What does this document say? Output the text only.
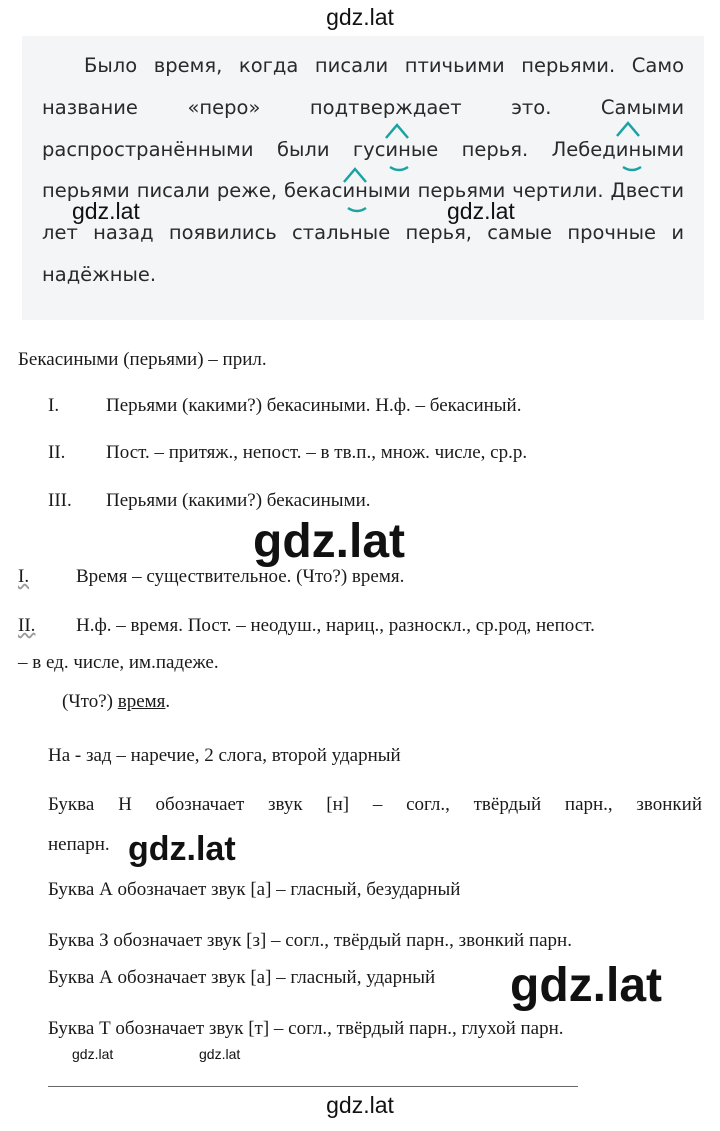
Было время, когда писали птичьими перьями. Само
название «перо» подтверждает это. Самыми
распространёнными были гусиные перья. Лебедиными
перьями писали реже, бекасиными перьями чертили. Двести
лет назад появились стальные перья, самые прочные и
надёжные.
Бекасиными (перьями) – прил.
I. Перьями (какими?) бекасиными. Н.ф. – бекасиный.
II. Пост. – притяж., непост. – в тв.п., множ. числе, ср.р.
III. Перьями (какими?) бекасиными.
I. Время – существительное. (Что?) время.
II. Н.ф. – время. Пост. – неодуш., нариц., разноскл., ср.род, непост.
– в ед. числе, им.падеже.
(Что?) время.
На - зад – наречие, 2 слога, второй ударный
Буква Н обозначает звук [н] – согл., твёрдый парн., звонкий
непарн.
Буква А обозначает звук [а] – гласный, безударный
Буква З обозначает звук [з] – согл., твёрдый парн., звонкий парн.
Буква А обозначает звук [а] – гласный, ударный
Буква Т обозначает звук [т] – согл., твёрдый парн., глухой парн.
gdz.lat
gdz.lat	gdz.lat
gdz.lat
gdz.lat
gdz.lat
gdz.lat	gdz.lat
gdz.lat
